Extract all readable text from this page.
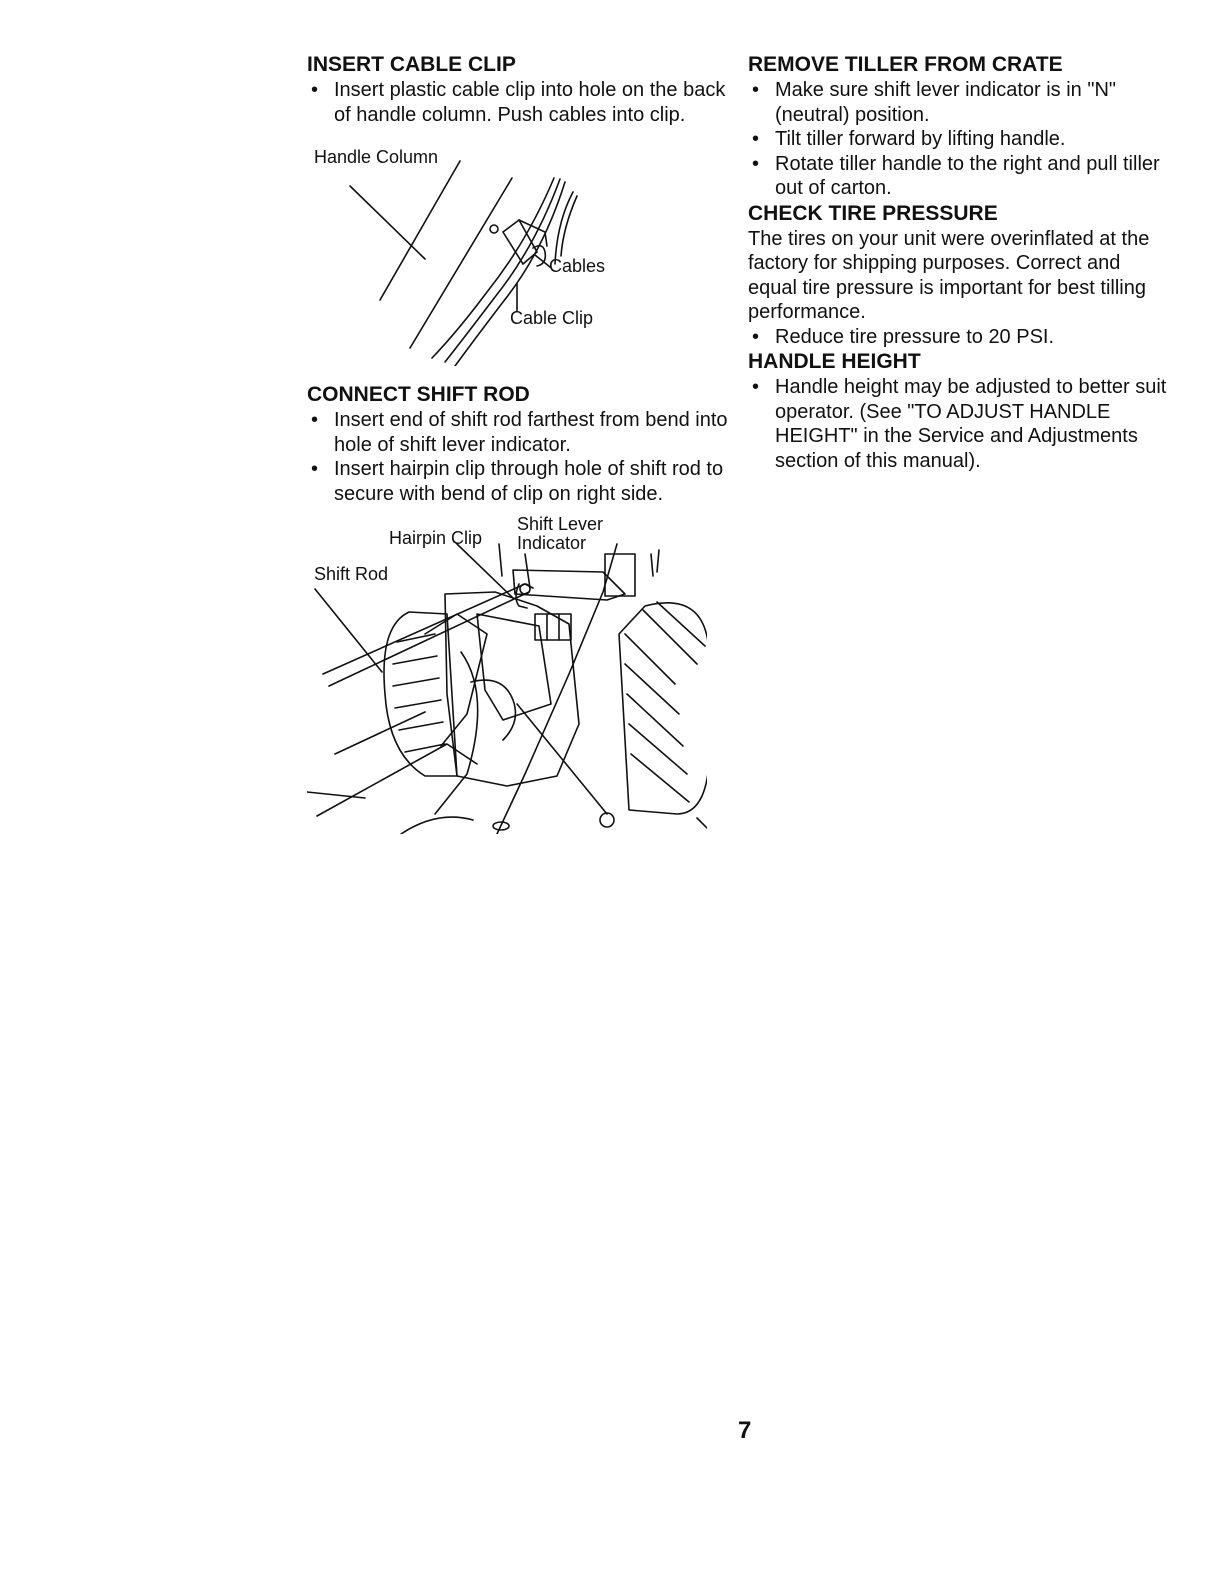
INSERT CABLE CLIP
• Insert plastic cable clip into hole on the back of handle column. Push cables into clip.
Handle Column
Cables
Cable Clip
CONNECT SHIFT ROD
• Insert end of shift rod farthest from bend into hole of shift lever indicator.
• Insert hairpin clip through hole of shift rod to secure with bend of clip on right side.
Shift Lever
Hairpin Clip Indicator
Shift Rod
REMOVE TILLER FROM CRATE
• Make sure shift lever indicator is in "N" (neutral) position.
• Tilt tiller forward by lifting handle.
• Rotate tiller handle to the right and pull tiller out of carton.
CHECK TIRE PRESSURE

The tires on your unit were overinflated at the factory for shipping purposes. Correct and equal tire pressure is important for best tilling performance.

• Reduce tire pressure to 20 PSI.
HANDLE HEIGHT
• Handle height may be adjusted to better suit operator. (See "TO ADJUST HANDLE HEIGHT" in the Service and Adjustments section of this manual).
7
